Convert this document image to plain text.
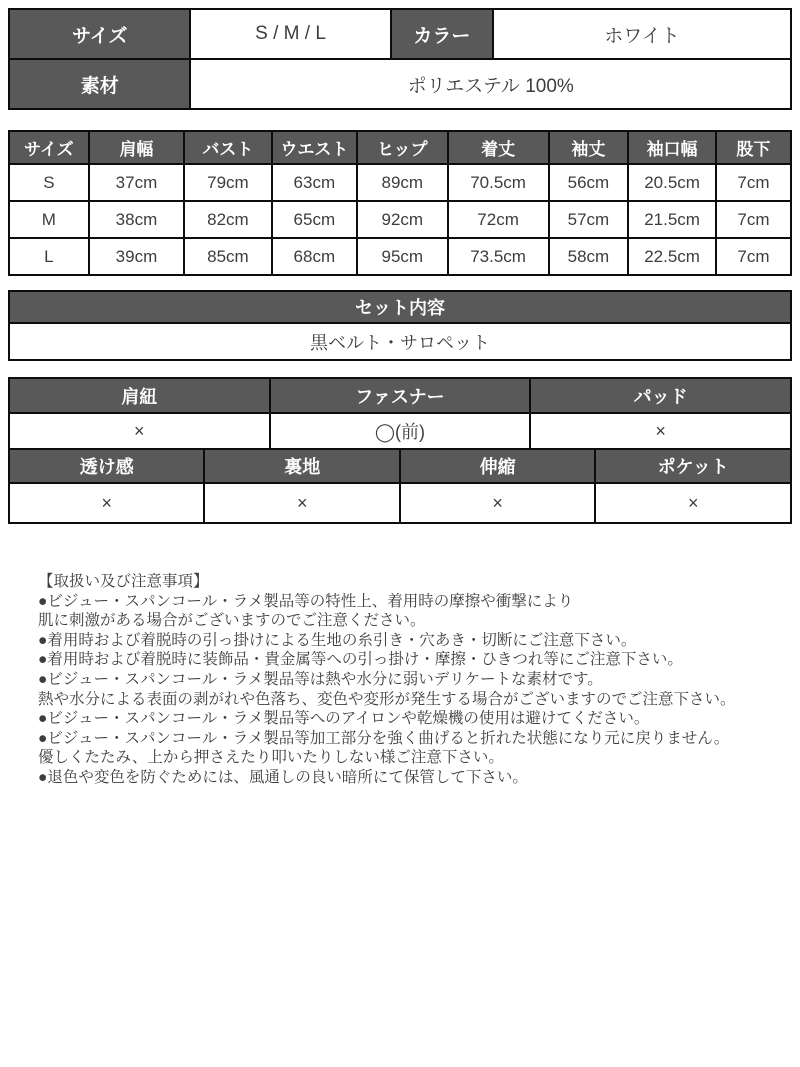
サイズ	S / M / L	カラー	ホワイト
素材	ポリエステル 100%		
サイズ	肩幅	バスト	ウエスト	ヒップ	着丈	袖丈	袖口幅	股下
S	37cm	79cm	63cm	89cm	70.5cm	56cm	20.5cm	7cm
M	38cm	82cm	65cm	92cm	72cm	57cm	21.5cm	7cm
L	39cm	85cm	68cm	95cm	73.5cm	58cm	22.5cm	7cm
セット内容
黒ベルト・サロペット
肩紐		ファスナー		パッド	
×		◯(前)		×	
透け感	裏地		伸縮		ポケット
×	×		×		×
【取扱い及び注意事項】
●ビジュー・スパンコール・ラメ製品等の特性上、着用時の摩擦や衝撃により
肌に刺激がある場合がございますのでご注意ください。
●着用時および着脱時の引っ掛けによる生地の糸引き・穴あき・切断にご注意下さい。
●着用時および着脱時に装飾品・貴金属等への引っ掛け・摩擦・ひきつれ等にご注意下さい。
●ビジュー・スパンコール・ラメ製品等は熱や水分に弱いデリケートな素材です。
熱や水分による表面の剥がれや色落ち、変色や変形が発生する場合がございますのでご注意下さい。
●ビジュー・スパンコール・ラメ製品等へのアイロンや乾燥機の使用は避けてください。
●ビジュー・スパンコール・ラメ製品等加工部分を強く曲げると折れた状態になり元に戻りません。
優しくたたみ、上から押さえたり叩いたりしない様ご注意下さい。
●退色や変色を防ぐためには、風通しの良い暗所にて保管して下さい。
